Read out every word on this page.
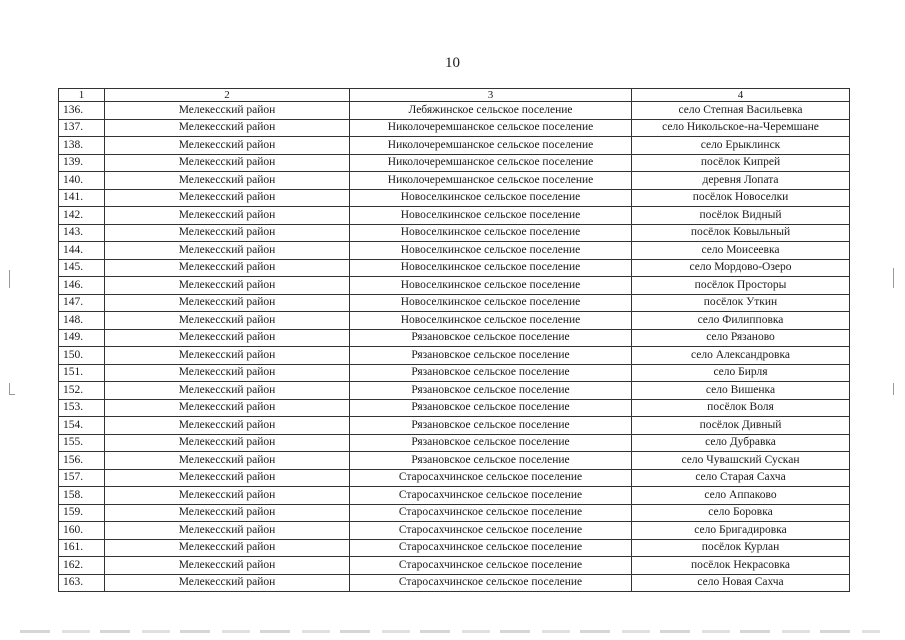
10
1	2	3	4
136.	Мелекесский район	Лебяжинское сельское поселение	село Степная Васильевка
137.	Мелекесский район	Николочеремшанское сельское поселение	село Никольское-на-Черемшане
138.	Мелекесский район	Николочеремшанское сельское поселение	село Ерыклинск
139.	Мелекесский район	Николочеремшанское сельское поселение	посёлок Кипрей
140.	Мелекесский район	Николочеремшанское сельское поселение	деревня Лопата
141.	Мелекесский район	Новоселкинское сельское поселение	посёлок Новоселки
142.	Мелекесский район	Новоселкинское сельское поселение	посёлок Видный
143.	Мелекесский район	Новоселкинское сельское поселение	посёлок Ковыльный
144.	Мелекесский район	Новоселкинское сельское поселение	село Моисеевка
145.	Мелекесский район	Новоселкинское сельское поселение	село Мордово-Озеро
146.	Мелекесский район	Новоселкинское сельское поселение	посёлок Просторы
147.	Мелекесский район	Новоселкинское сельское поселение	посёлок Уткин
148.	Мелекесский район	Новоселкинское сельское поселение	село Филипповка
149.	Мелекесский район	Рязановское сельское поселение	село Рязаново
150.	Мелекесский район	Рязановское сельское поселение	село Александровка
151.	Мелекесский район	Рязановское сельское поселение	село Бирля
152.	Мелекесский район	Рязановское сельское поселение	село Вишенка
153.	Мелекесский район	Рязановское сельское поселение	посёлок Воля
154.	Мелекесский район	Рязановское сельское поселение	посёлок Дивный
155.	Мелекесский район	Рязановское сельское поселение	село Дубравка
156.	Мелекесский район	Рязановское сельское поселение	село Чувашский Сускан
157.	Мелекесский район	Старосахчинское сельское поселение	село Старая Сахча
158.	Мелекесский район	Старосахчинское сельское поселение	село Аппаково
159.	Мелекесский район	Старосахчинское сельское поселение	село Боровка
160.	Мелекесский район	Старосахчинское сельское поселение	село Бригадировка
161.	Мелекесский район	Старосахчинское сельское поселение	посёлок Курлан
162.	Мелекесский район	Старосахчинское сельское поселение	посёлок Некрасовка
163.	Мелекесский район	Старосахчинское сельское поселение	село Новая Сахча
